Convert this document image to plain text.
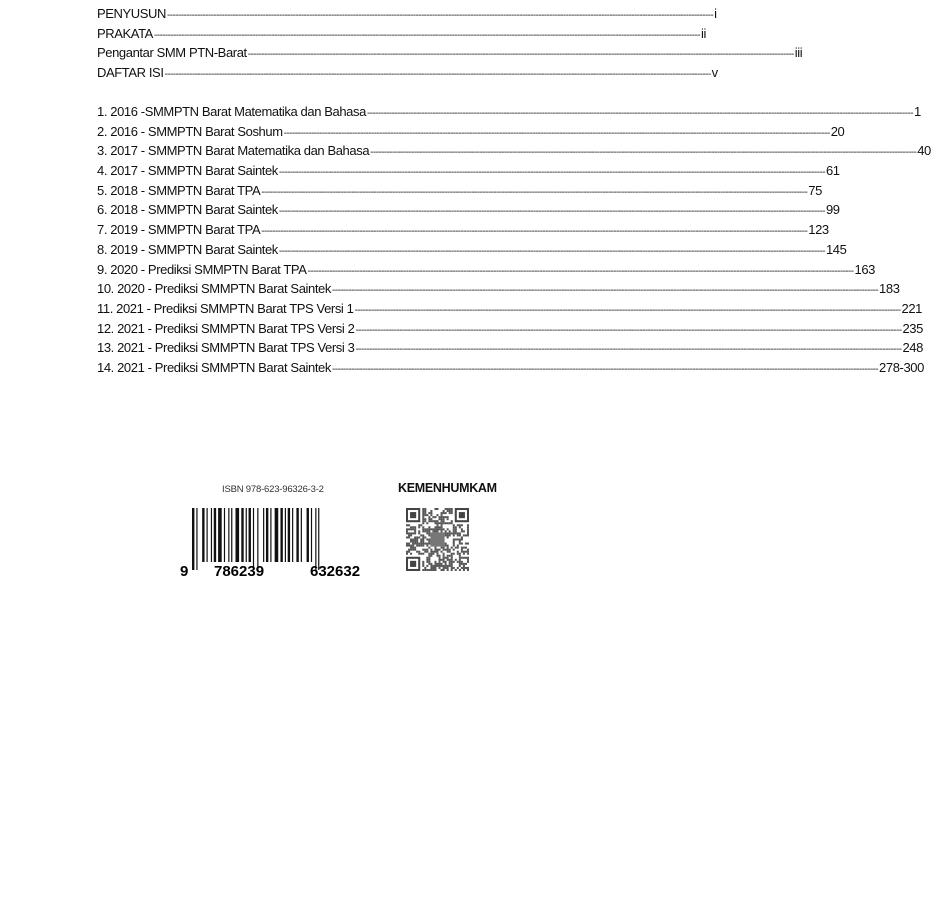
PENYUSUN -------------------------------------------------------------------------------------------------------------------------------------------------------------------------------------------------------- i
PRAKATA -------------------------------------------------------------------------------------------------------------------------------------------------------------------------------------------------------- ii
Pengantar SMM PTN-Barat -------------------------------------------------------------------------------------------------------------------------------------------------------------------------------------------------------- iii
DAFTAR ISI -------------------------------------------------------------------------------------------------------------------------------------------------------------------------------------------------------- v
1. 2016 -SMMPTN Barat Matematika dan Bahasa -------------------------------------------------------------------------------------------------------------------------------------------------------------------------------------------------------- 1
2. 2016 - SMMPTN Barat Soshum -------------------------------------------------------------------------------------------------------------------------------------------------------------------------------------------------------- 20
3. 2017 - SMMPTN Barat Matematika dan Bahasa -------------------------------------------------------------------------------------------------------------------------------------------------------------------------------------------------------- 40
4. 2017 - SMMPTN Barat Saintek -------------------------------------------------------------------------------------------------------------------------------------------------------------------------------------------------------- 61
5. 2018 - SMMPTN Barat TPA -------------------------------------------------------------------------------------------------------------------------------------------------------------------------------------------------------- 75
6. 2018 - SMMPTN Barat Saintek -------------------------------------------------------------------------------------------------------------------------------------------------------------------------------------------------------- 99
7. 2019 - SMMPTN Barat TPA -------------------------------------------------------------------------------------------------------------------------------------------------------------------------------------------------------- 123
8. 2019 - SMMPTN Barat Saintek -------------------------------------------------------------------------------------------------------------------------------------------------------------------------------------------------------- 145
9. 2020 - Prediksi SMMPTN Barat TPA -------------------------------------------------------------------------------------------------------------------------------------------------------------------------------------------------------- 163
10. 2020 - Prediksi SMMPTN Barat Saintek -------------------------------------------------------------------------------------------------------------------------------------------------------------------------------------------------------- 183
11. 2021 - Prediksi SMMPTN Barat TPS Versi 1 -------------------------------------------------------------------------------------------------------------------------------------------------------------------------------------------------------- 221
12. 2021 - Prediksi SMMPTN Barat TPS Versi 2 -------------------------------------------------------------------------------------------------------------------------------------------------------------------------------------------------------- 235
13. 2021 - Prediksi SMMPTN Barat TPS Versi 3 -------------------------------------------------------------------------------------------------------------------------------------------------------------------------------------------------------- 248
14. 2021 - Prediksi SMMPTN Barat Saintek -------------------------------------------------------------------------------------------------------------------------------------------------------------------------------------------------------- 278-300
ISBN 978-623-96326-3-2	KEMENHUMKAM
9 786239	632632
